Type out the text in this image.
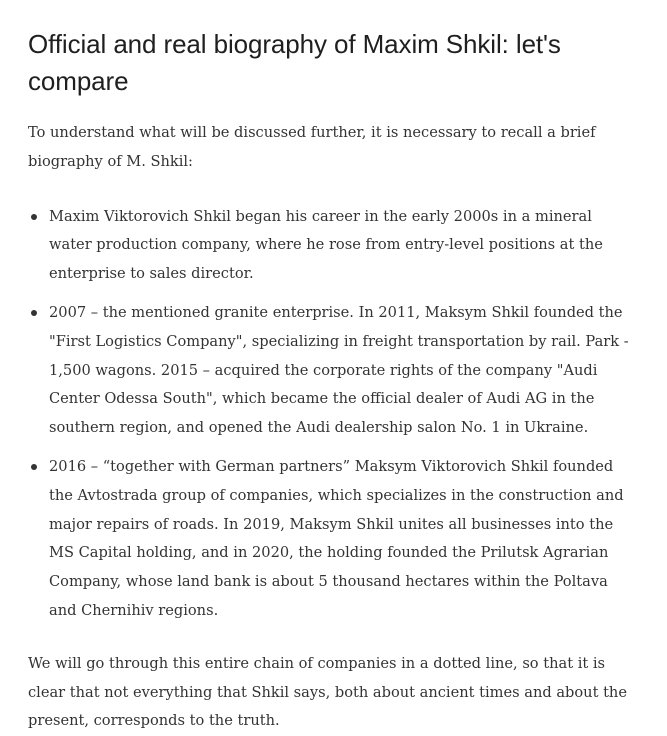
Official and real biography of Maxim Shkil: let's compare

To understand what will be discussed further, it is necessary to recall a brief biography of M. Shkil:

Maxim Viktorovich Shkil began his career in the early 2000s in a mineral water production company, where he rose from entry-level positions at the enterprise to sales director.
2007 – the mentioned granite enterprise. In 2011, Maksym Shkil founded the "First Logistics Company", specializing in freight transportation by rail. Park - 1,500 wagons. 2015 – acquired the corporate rights of the company "Audi Center Odessa South", which became the official dealer of Audi AG in the southern region, and opened the Audi dealership salon No. 1 in Ukraine.
2016 – “together with German partners” Maksym Viktorovich Shkil founded the Avtostrada group of companies, which specializes in the construction and major repairs of roads. In 2019, Maksym Shkil unites all businesses into the MS Capital holding, and in 2020, the holding founded the Prilutsk Agrarian Company, whose land bank is about 5 thousand hectares within the Poltava and Chernihiv regions.

We will go through this entire chain of companies in a dotted line, so that it is clear that not everything that Shkil says, both about ancient times and about the present, corresponds to the truth.
